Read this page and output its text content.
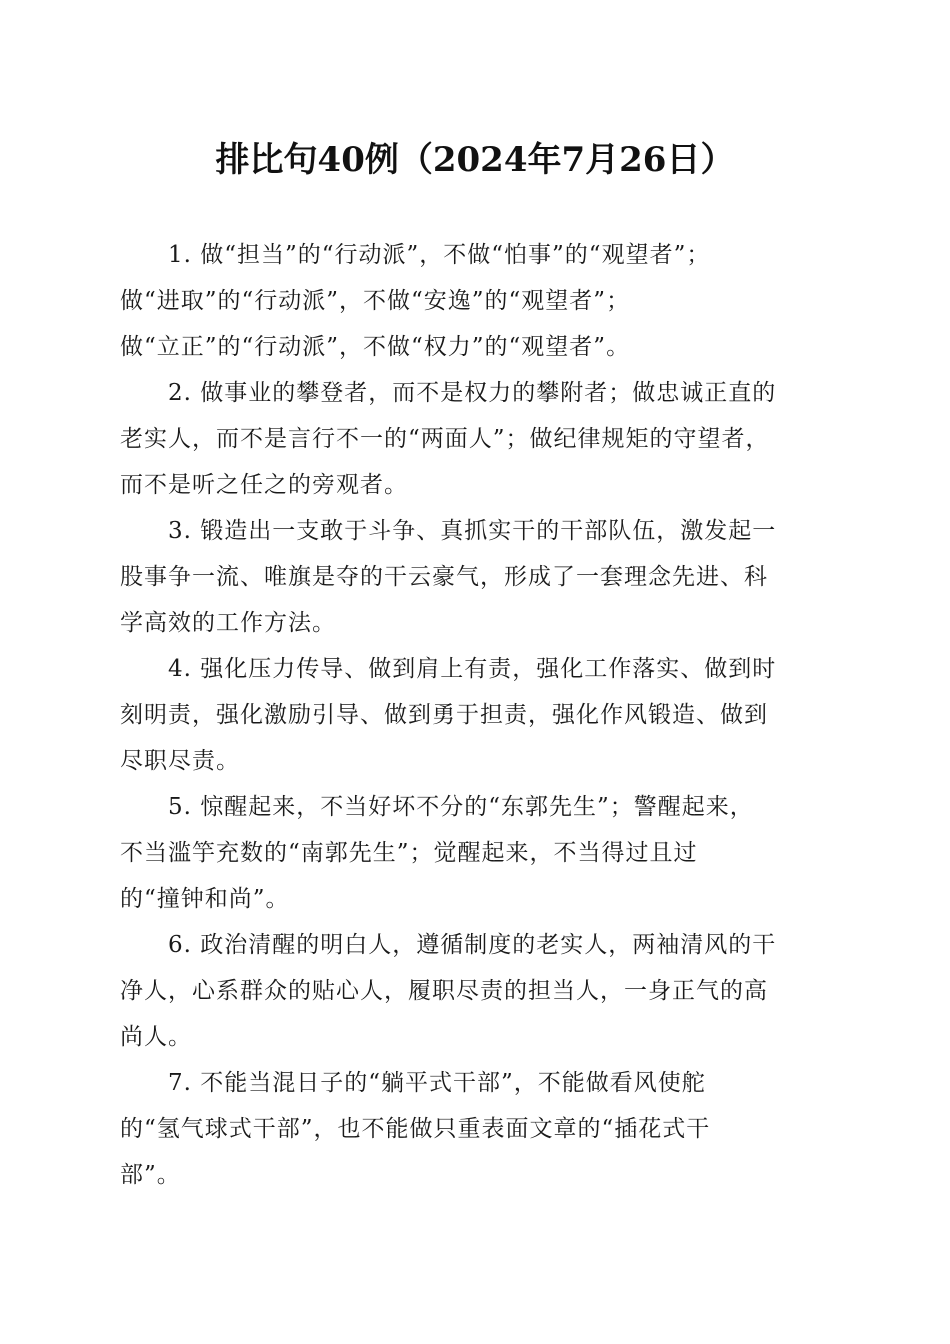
排比句40例（2024年7月26日）

1. 做“担当”的“行动派”，不做“怕事”的“观望者”；
做“进取”的“行动派”，不做“安逸”的“观望者”；
做“立正”的“行动派”，不做“权力”的“观望者”。

2. 做事业的攀登者，而不是权力的攀附者；做忠诚正直的
老实人，而不是言行不一的“两面人”；做纪律规矩的守望者，
而不是听之任之的旁观者。

3. 锻造出一支敢于斗争、真抓实干的干部队伍，激发起一
股事争一流、唯旗是夺的干云豪气，形成了一套理念先进、科
学高效的工作方法。

4. 强化压力传导、做到肩上有责，强化工作落实、做到时
刻明责，强化激励引导、做到勇于担责，强化作风锻造、做到
尽职尽责。

5. 惊醒起来，不当好坏不分的“东郭先生”；警醒起来，
不当滥竽充数的“南郭先生”；觉醒起来，不当得过且过
的“撞钟和尚”。

6. 政治清醒的明白人，遵循制度的老实人，两袖清风的干
净人，心系群众的贴心人，履职尽责的担当人，一身正气的高
尚人。

7. 不能当混日子的“躺平式干部”，不能做看风使舵
的“氢气球式干部”，也不能做只重表面文章的“插花式干
部”。
